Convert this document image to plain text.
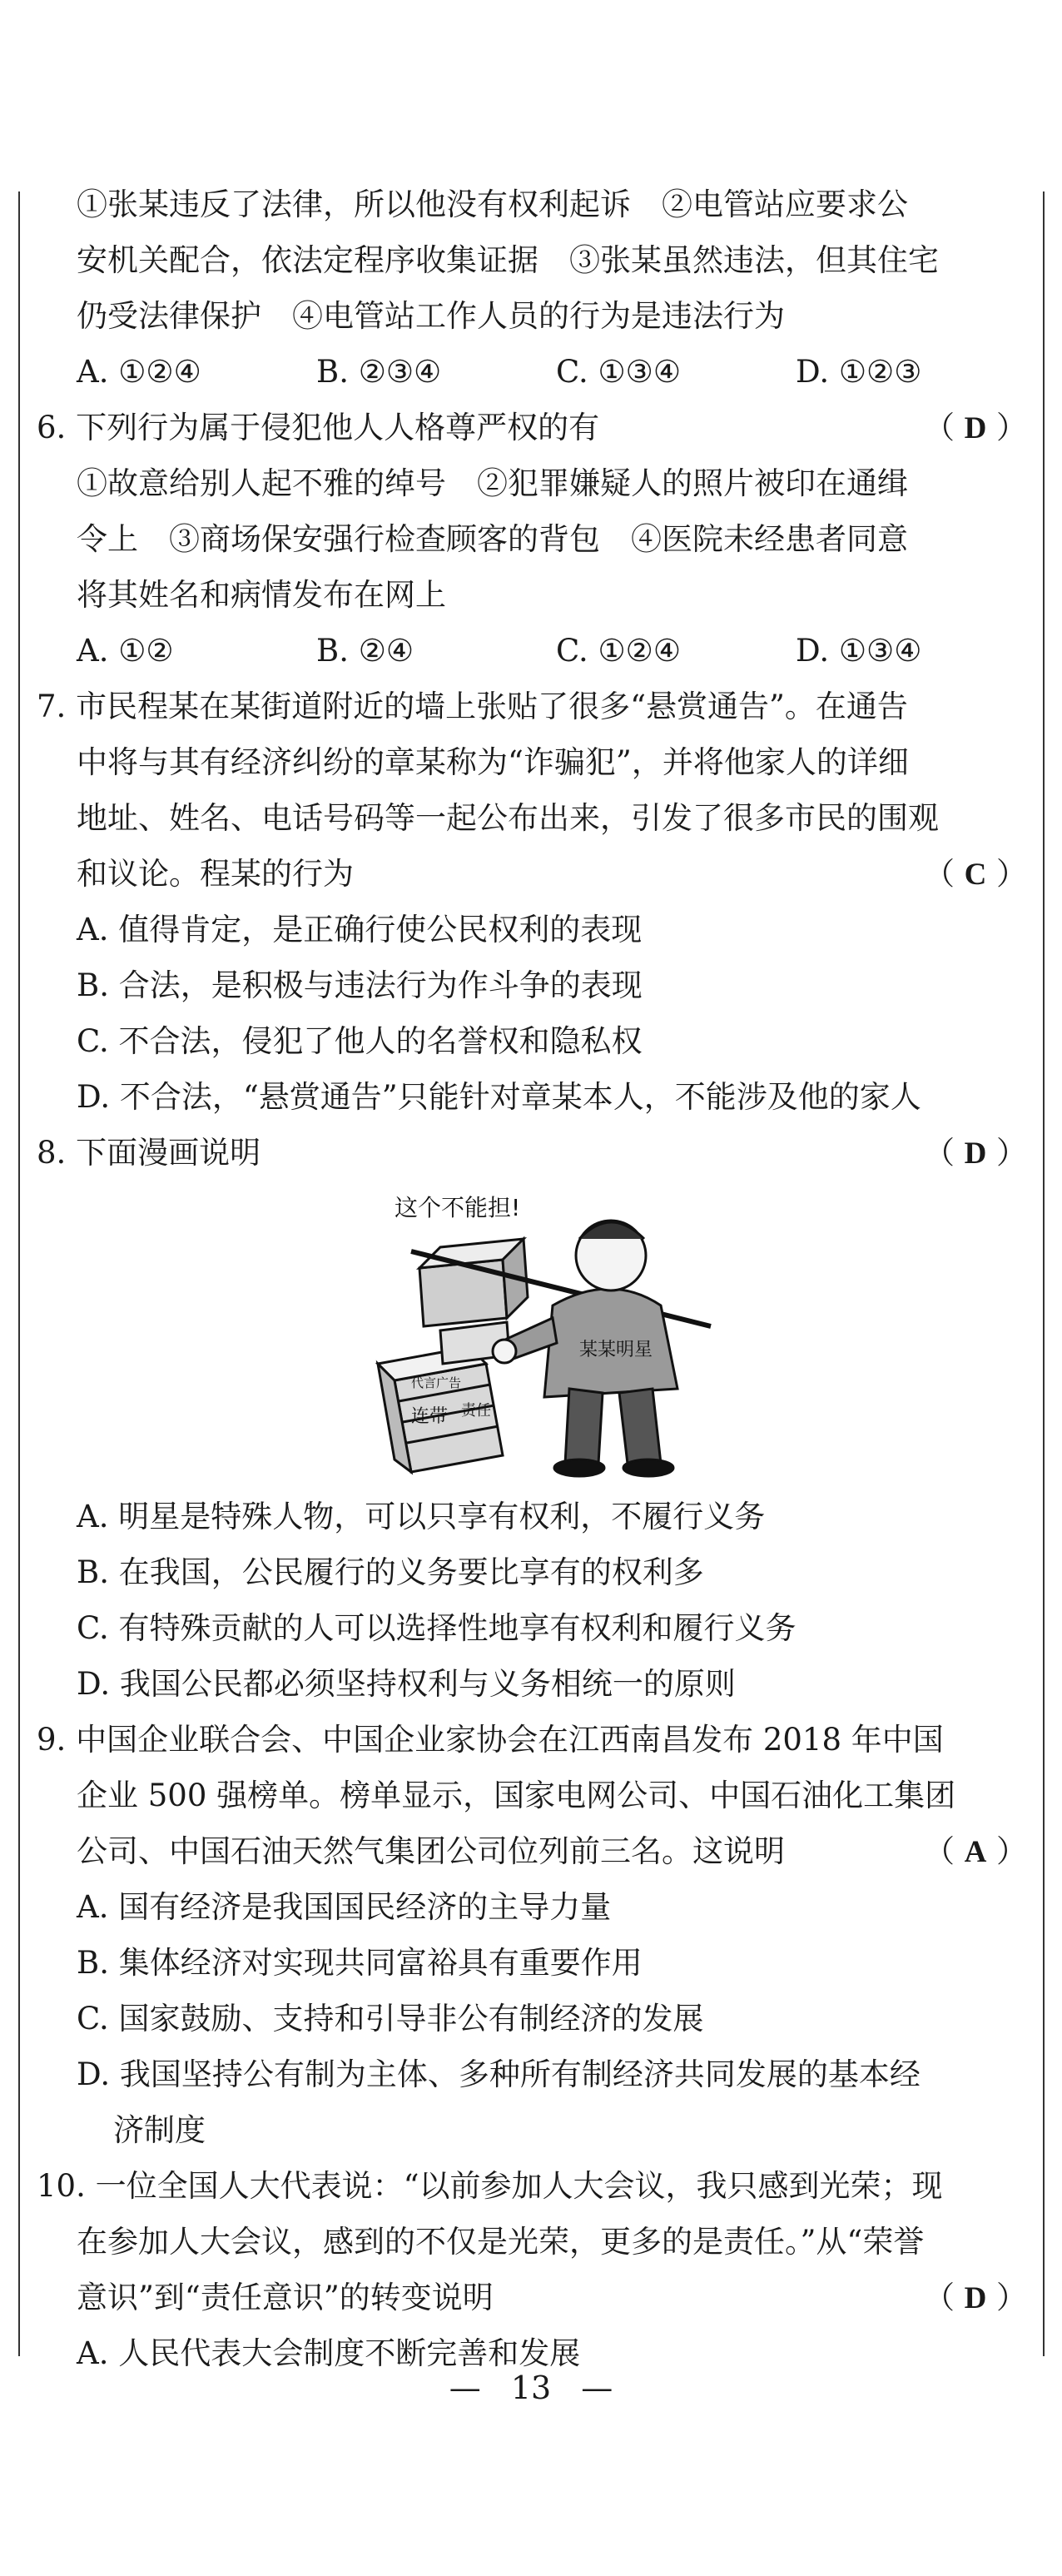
①张某违反了法律，所以他没有权利起诉　②电管站应要求公
安机关配合，依法定程序收集证据　③张某虽然违法，但其住宅
仍受法律保护　④电管站工作人员的行为是违法行为
A. ①②④	B. ②③④	C. ①③④	D. ①②③
6. 下列行为属于侵犯他人人格尊严权的有	（ D ）
①故意给别人起不雅的绰号　②犯罪嫌疑人的照片被印在通缉
令上　③商场保安强行检查顾客的背包　④医院未经患者同意
将其姓名和病情发布在网上
A. ①②	B. ②④	C. ①②④	D. ①③④
7. 市民程某在某街道附近的墙上张贴了很多“悬赏通告”。在通告
中将与其有经济纠纷的章某称为“诈骗犯”，并将他家人的详细
地址、姓名、电话号码等一起公布出来，引发了很多市民的围观
和议论。程某的行为	（ C ）
A. 值得肯定，是正确行使公民权利的表现
B. 合法，是积极与违法行为作斗争的表现
C. 不合法，侵犯了他人的名誉权和隐私权
D. 不合法，“悬赏通告”只能针对章某本人，不能涉及他的家人
8. 下面漫画说明	（ D ）
这个不能担!
代言广告
连带 责任
某某明星
A. 明星是特殊人物，可以只享有权利，不履行义务
B. 在我国，公民履行的义务要比享有的权利多
C. 有特殊贡献的人可以选择性地享有权利和履行义务
D. 我国公民都必须坚持权利与义务相统一的原则
9. 中国企业联合会、中国企业家协会在江西南昌发布 2018 年中国
企业 500 强榜单。榜单显示，国家电网公司、中国石油化工集团
公司、中国石油天然气集团公司位列前三名。这说明	（ A ）
A. 国有经济是我国国民经济的主导力量
B. 集体经济对实现共同富裕具有重要作用
C. 国家鼓励、支持和引导非公有制经济的发展
D. 我国坚持公有制为主体、多种所有制经济共同发展的基本经
济制度
10. 一位全国人大代表说：“以前参加人大会议，我只感到光荣；现
在参加人大会议，感到的不仅是光荣，更多的是责任。”从“荣誉
意识”到“责任意识”的转变说明	（ D ）
A. 人民代表大会制度不断完善和发展
— 13 —
